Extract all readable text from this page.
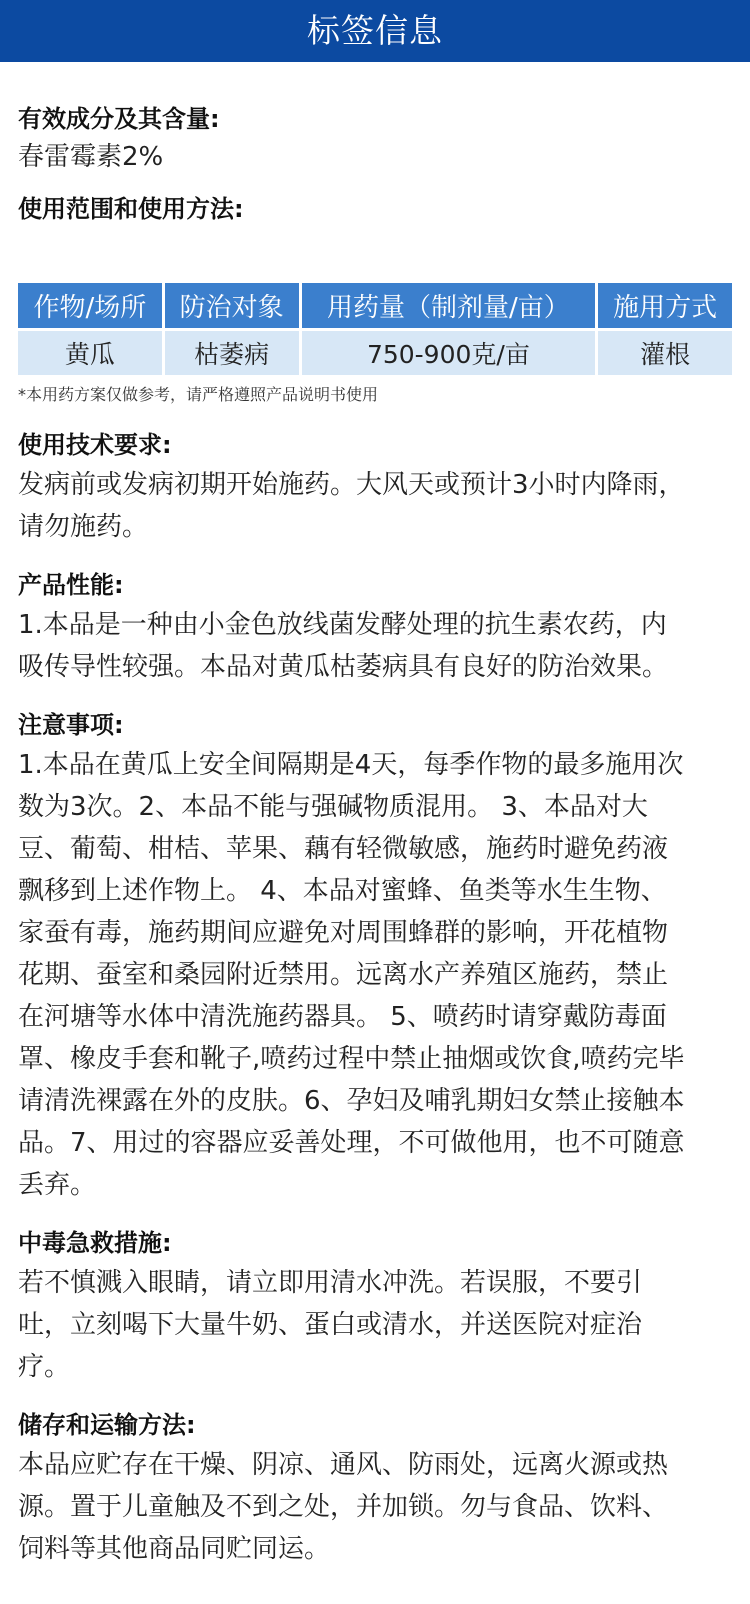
标签信息

有效成分及其含量:

春雷霉素2%

使用范围和使用方法:

作物/场所	防治对象	用药量（制剂量/亩）	施用方式
黄瓜	枯萎病	750-900克/亩	灌根

*本用药方案仅做参考，请严格遵照产品说明书使用

使用技术要求:

发病前或发病初期开始施药。大风天或预计3小时内降雨，
请勿施药。

产品性能:

1.本品是一种由小金色放线菌发酵处理的抗生素农药，内
吸传导性较强。本品对黄瓜枯萎病具有良好的防治效果。

注意事项:

1.本品在黄瓜上安全间隔期是4天，每季作物的最多施用次
数为3次。2、本品不能与强碱物质混用。 3、本品对大
豆、葡萄、柑桔、苹果、藕有轻微敏感，施药时避免药液
飘移到上述作物上。 4、本品对蜜蜂、鱼类等水生生物、
家蚕有毒，施药期间应避免对周围蜂群的影响，开花植物
花期、蚕室和桑园附近禁用。远离水产养殖区施药，禁止
在河塘等水体中清洗施药器具。 5、喷药时请穿戴防毒面
罩、橡皮手套和靴子,喷药过程中禁止抽烟或饮食,喷药完毕
请清洗裸露在外的皮肤。6、孕妇及哺乳期妇女禁止接触本
品。7、用过的容器应妥善处理，不可做他用，也不可随意
丢弃。

中毒急救措施:

若不慎溅入眼睛，请立即用清水冲洗。若误服，不要引
吐，立刻喝下大量牛奶、蛋白或清水，并送医院对症治
疗。

储存和运输方法:

本品应贮存在干燥、阴凉、通风、防雨处，远离火源或热
源。置于儿童触及不到之处，并加锁。勿与食品、饮料、
饲料等其他商品同贮同运。
